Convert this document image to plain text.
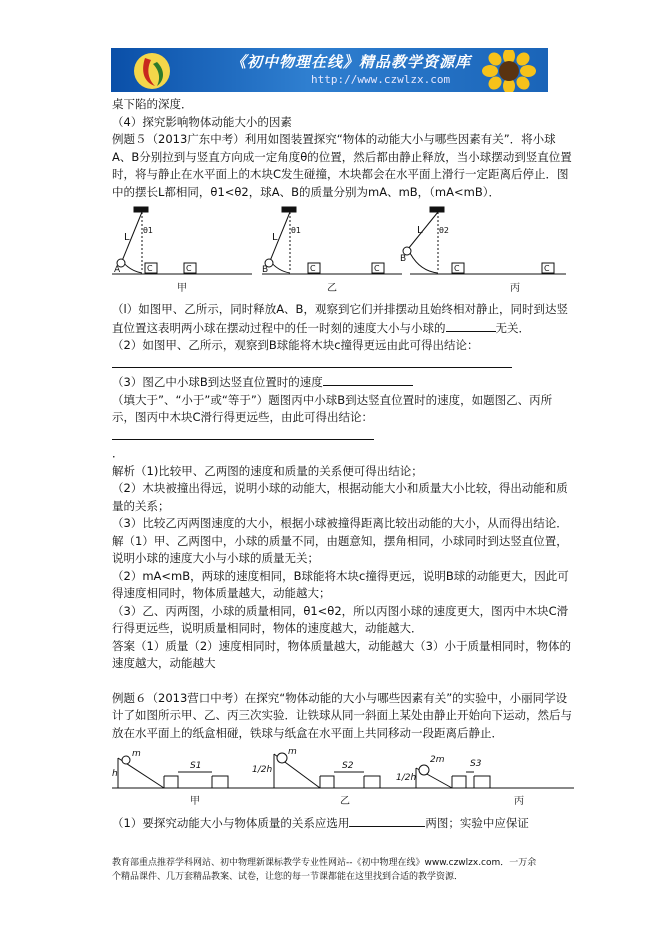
《初中物理在线》精品教学资源库
http://www.czwlzx.com

桌下陷的深度．

（4）探究影响物体动能大小的因素

例题５（2013广东中考）利用如图装置探究“物体的动能大小与哪些因素有关”．将小球A、B分别拉到与竖直方向成一定角度θ的位置，然后都由静止释放，当小球摆动到竖直位置时，将与静止在水平面上的木块C发生碰撞，木块都会在水平面上滑行一定距离后停止．图中的摆长L都相同，θ1<θ2，球A、B的质量分别为mA、mB，（mA<mB）．

L
θ1
A	C	C
甲
L
θ1
B	C	C
乙
L θ2
B
C	C
丙

（l）如图甲、乙所示，同时释放A、B，观察到它们并排摆动且始终相对静止，同时到达竖直位置这表明两小球在摆动过程中的任一时刻的速度大小与小球的	无关．

（2）如图甲、乙所示，观察到B球能将木块c撞得更远由此可得出结论：

（3）图乙中小球B到达竖直位置时的速度

（填大于”、“小于”或“等于”）题图丙中小球B到达竖直位置时的速度，如题图乙、丙所示，图丙中木块C滑行得更远些，由此可得出结论：

．

解析（1)比较甲、乙两图的速度和质量的关系便可得出结论；

（2）木块被撞出得远，说明小球的动能大，根据动能大小和质量大小比较，得出动能和质量的关系；

（3）比较乙丙两图速度的大小，根据小球被撞得距离比较出动能的大小，从而得出结论．

解（1）甲、乙两图中，小球的质量不同，由题意知，摆角相同，小球同时到达竖直位置，说明小球的速度大小与小球的质量无关；

（2）mA<mB，两球的速度相同，B球能将木块c撞得更远，说明B球的动能更大，因此可得速度相同时，物体质量越大，动能越大；

（3）乙、丙两图，小球的质量相同，θ1<θ2，所以丙图小球的速度更大，图丙中木块C滑行得更远些，说明质量相同时，物体的速度越大，动能越大．

答案（1）质量（2）速度相同时，物体质量越大，动能越大（3）小于质量相同时，物体的速度越大，动能越大

例题６（2013营口中考）在探究“物体动能的大小与哪些因素有关”的实验中，小丽同学设计了如图所示甲、乙、丙三次实验．让铁球从同一斜面上某处由静止开始向下运动，然后与放在水平面上的纸盒相碰，铁球与纸盒在水平面上共同移动一段距离后静止．

h
m
S1	1/2h
m
S2
1/2h
2m	S3
甲	乙	丙

（1）要探究动能大小与物体质量的关系应选用	两图；实验中应保证

教育部重点推荐学科网站、初中物理新课标教学专业性网站--《初中物理在线》www.czwlzx.com．一万余
个精品课件、几万套精品教案、试卷，让您的每一节课都能在这里找到合适的教学资源．
